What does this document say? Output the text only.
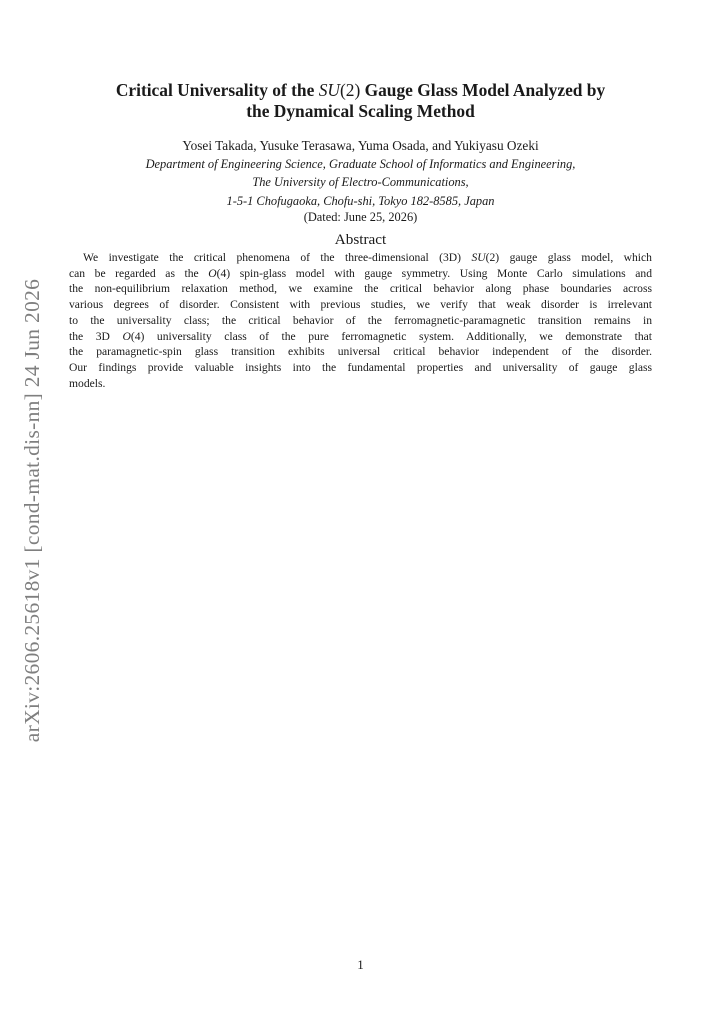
arXiv:2606.25618v1 [cond-mat.dis-nn] 24 Jun 2026
Critical Universality of the SU(2) Gauge Glass Model Analyzed by
the Dynamical Scaling Method
Yosei Takada, Yusuke Terasawa, Yuma Osada, and Yukiyasu Ozeki
Department of Engineering Science, Graduate School of Informatics and Engineering,
The University of Electro-Communications,
1-5-1 Chofugaoka, Chofu-shi, Tokyo 182-8585, Japan
(Dated: June 25, 2026)
Abstract
We investigate the critical phenomena of the three-dimensional (3D) SU(2) gauge glass model, which
can be regarded as the O(4) spin-glass model with gauge symmetry. Using Monte Carlo simulations and
the non-equilibrium relaxation method, we examine the critical behavior along phase boundaries across
various degrees of disorder. Consistent with previous studies, we verify that weak disorder is irrelevant
to the universality class; the critical behavior of the ferromagnetic-paramagnetic transition remains in
the 3D O(4) universality class of the pure ferromagnetic system. Additionally, we demonstrate that
the paramagnetic-spin glass transition exhibits universal critical behavior independent of the disorder.
Our findings provide valuable insights into the fundamental properties and universality of gauge glass
models.
1
